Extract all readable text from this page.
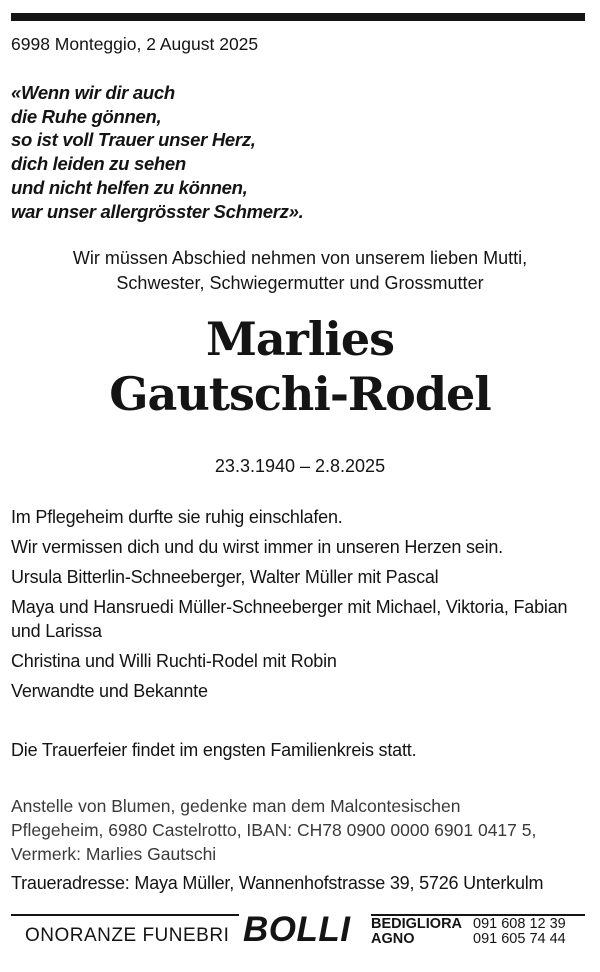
6998 Monteggio, 2 August 2025
«Wenn wir dir auch
die Ruhe gönnen,
so ist voll Trauer unser Herz,
dich leiden zu sehen
und nicht helfen zu können,
war unser allergrösster Schmerz».
Wir müssen Abschied nehmen von unserem lieben Mutti,
Schwester, Schwiegermutter und Grossmutter
Marlies
Gautschi-Rodel
23.3.1940 – 2.8.2025
Im Pflegeheim durfte sie ruhig einschlafen.
Wir vermissen dich und du wirst immer in unseren Herzen sein.
Ursula Bitterlin-Schneeberger, Walter Müller mit Pascal
Maya und Hansruedi Müller-Schneeberger mit Michael, Viktoria, Fabian und Larissa
Christina und Willi Ruchti-Rodel mit Robin
Verwandte und Bekannte
Die Trauerfeier findet im engsten Familienkreis statt.
Anstelle von Blumen, gedenke man dem Malcontesischen
Pflegeheim, 6980 Castelrotto, IBAN: CH78 0900 0000 6901 0417 5,
Vermerk: Marlies Gautschi
Traueradresse: Maya Müller, Wannenhofstrasse 39, 5726 Unterkulm
ONORANZE FUNEBRI BOLLI BEDIGLIORA
AGNO
091 608 12 39
091 605 74 44
